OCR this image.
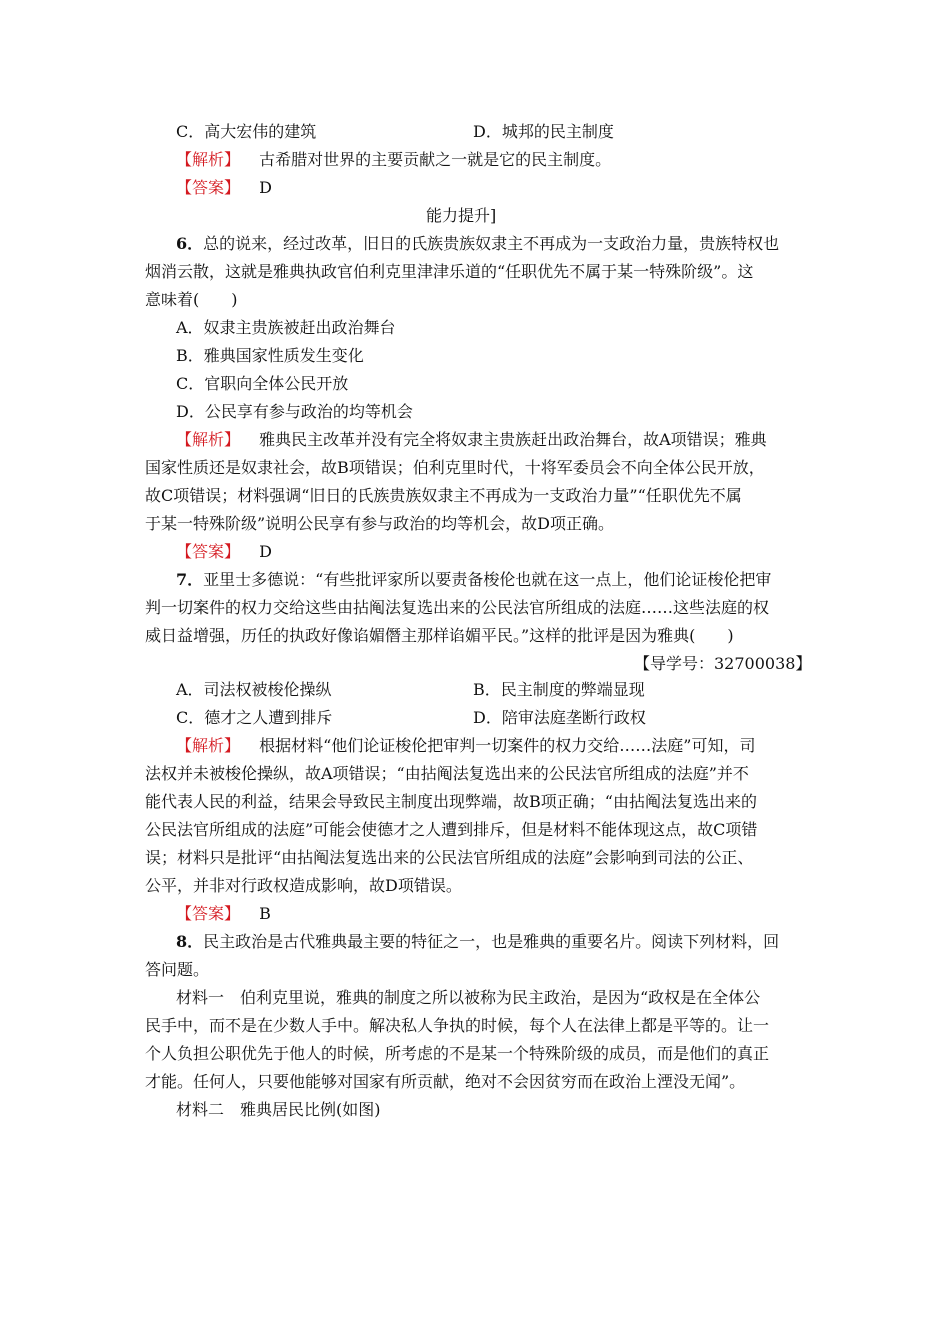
C．高大宏伟的建筑	D．城邦的民主制度
【解析】 古希腊对世界的主要贡献之一就是它的民主制度。
【答案】 D
能力提升]
6．总的说来，经过改革，旧日的氏族贵族奴隶主不再成为一支政治力量，贵族特权也
烟消云散，这就是雅典执政官伯利克里津津乐道的“任职优先不属于某一特殊阶级”。这
意味着(　　)
A．奴隶主贵族被赶出政治舞台
B．雅典国家性质发生变化
C．官职向全体公民开放
D．公民享有参与政治的均等机会
【解析】 雅典民主改革并没有完全将奴隶主贵族赶出政治舞台，故A项错误；雅典
国家性质还是奴隶社会，故B项错误；伯利克里时代，十将军委员会不向全体公民开放，
故C项错误；材料强调“旧日的氏族贵族奴隶主不再成为一支政治力量”“任职优先不属
于某一特殊阶级”说明公民享有参与政治的均等机会，故D项正确。
【答案】 D
7．亚里士多德说：“有些批评家所以要责备梭伦也就在这一点上，他们论证梭伦把审
判一切案件的权力交给这些由拈阄法复选出来的公民法官所组成的法庭……这些法庭的权
威日益增强，历任的执政好像谄媚僭主那样谄媚平民。”这样的批评是因为雅典(　　)
【导学号：32700038】
A．司法权被梭伦操纵	B．民主制度的弊端显现
C．德才之人遭到排斥	D．陪审法庭垄断行政权
【解析】 根据材料“他们论证梭伦把审判一切案件的权力交给……法庭”可知，司
法权并未被梭伦操纵，故A项错误；“由拈阄法复选出来的公民法官所组成的法庭”并不
能代表人民的利益，结果会导致民主制度出现弊端，故B项正确；“由拈阄法复选出来的
公民法官所组成的法庭”可能会使德才之人遭到排斥，但是材料不能体现这点，故C项错
误；材料只是批评“由拈阄法复选出来的公民法官所组成的法庭”会影响到司法的公正、
公平，并非对行政权造成影响，故D项错误。
【答案】 B
8．民主政治是古代雅典最主要的特征之一，也是雅典的重要名片。阅读下列材料，回
答问题。
材料一　伯利克里说，雅典的制度之所以被称为民主政治，是因为“政权是在全体公
民手中，而不是在少数人手中。解决私人争执的时候，每个人在法律上都是平等的。让一
个人负担公职优先于他人的时候，所考虑的不是某一个特殊阶级的成员，而是他们的真正
才能。任何人，只要他能够对国家有所贡献，绝对不会因贫穷而在政治上湮没无闻”。
材料二　雅典居民比例(如图)
